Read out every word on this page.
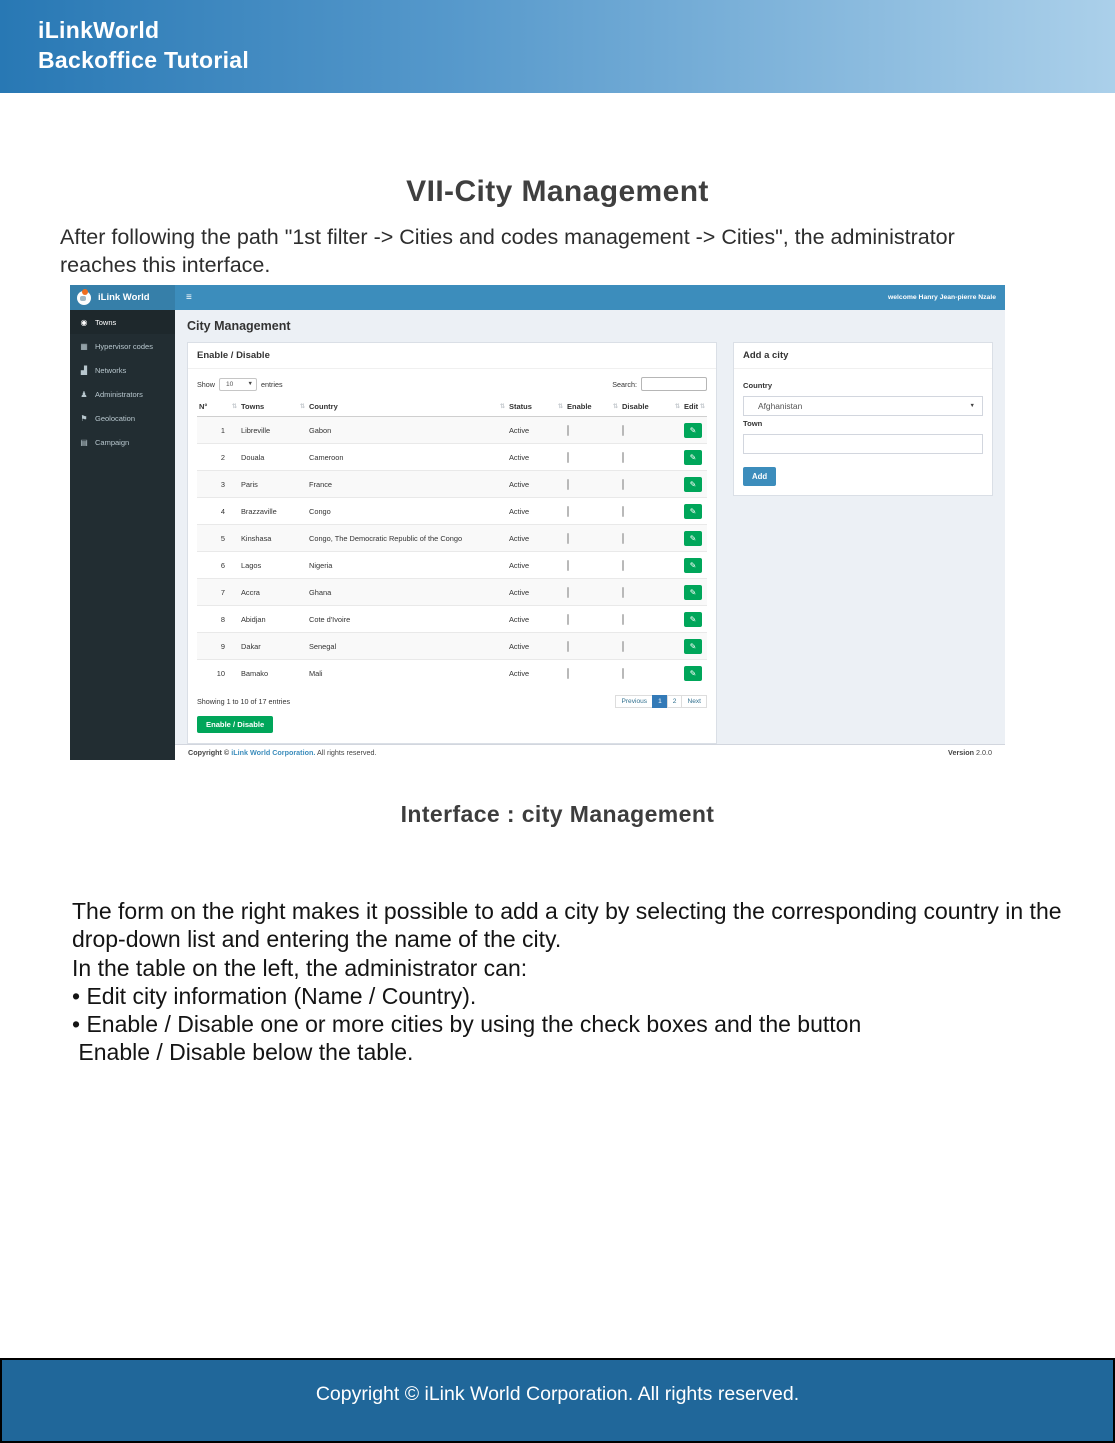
iLinkWorld
Backoffice Tutorial
VII-City Management
After following the path "1st filter -> Cities and codes management -> Cities", the administrator
reaches this interface.
iLink World	≡	welcome Hanry Jean-pierre Nzale
◉ Towns
▦ Hypervisor codes
▟ Networks
♟ Administrators
⚑ Geolocation
▤ Campaign
City Management
Enable / Disable
Show 10	▼ entries	Search:
N° ⇅	Towns ⇅	Country ⇅	Status ⇅	Enable ⇅	Disable ⇅	Edit ⇅

1	Libreville	Gabon	Active			✎

2	Douala	Cameroon	Active			✎

3	Paris	France	Active			✎

4	Brazzaville	Congo	Active			✎

5	Kinshasa	Congo, The Democratic Republic of the Congo	Active			✎

6	Lagos	Nigeria	Active			✎

7	Accra	Ghana	Active			✎

8	Abidjan	Cote d'Ivoire	Active			✎

9	Dakar	Senegal	Active			✎

10	Bamako	Mali	Active			✎
Showing 1 to 10 of 17 entries	Previous	1	2	Next
Enable / Disable
Add a city
Country
Afghanistan	▼
Town
Add
Copyright © iLink World Corporation. All rights reserved.	Version 2.0.0
Interface : city Management
The form on the right makes it possible to add a city by selecting the corresponding country in the
drop-down list and entering the name of the city.
In the table on the left, the administrator can:
• Edit city information (Name / Country).
• Enable / Disable one or more cities by using the check boxes and the button
Enable / Disable below the table.
Copyright © iLink World Corporation. All rights reserved.
